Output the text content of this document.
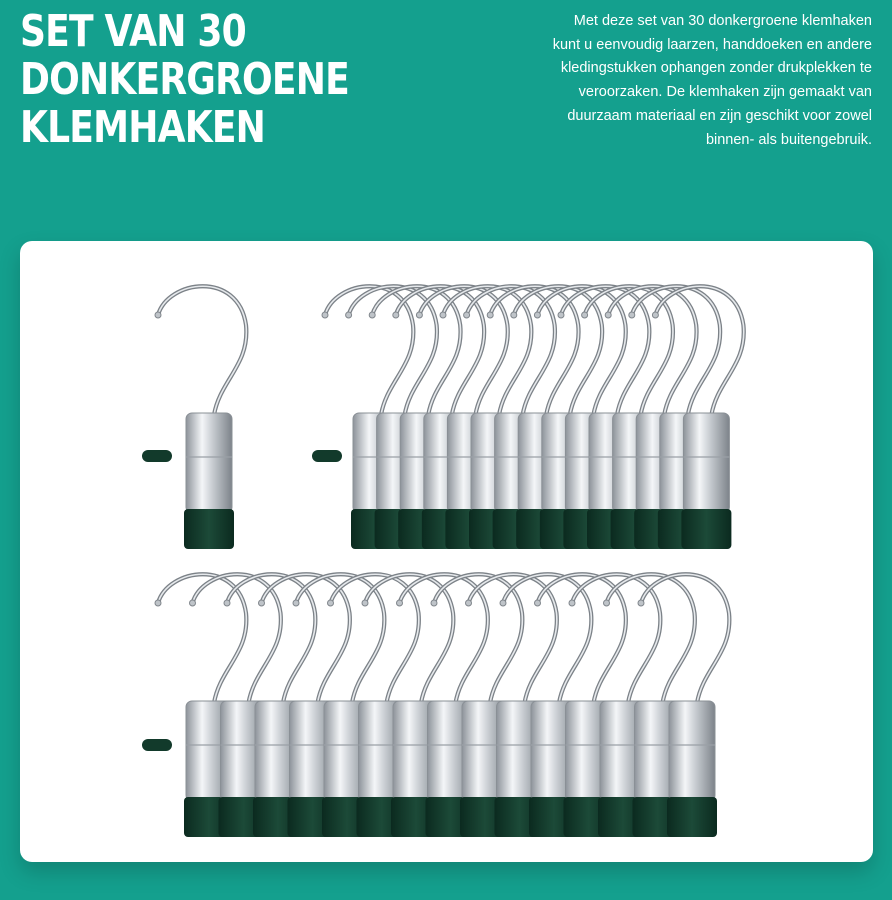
SET VAN 30
DONKERGROENE
KLEMHAKEN

Met deze set van 30 donkergroene klemhaken kunt u eenvoudig laarzen, handdoeken en andere kledingstukken ophangen zonder drukplekken te veroorzaken. De klemhaken zijn gemaakt van duurzaam materiaal en zijn geschikt voor zowel binnen- als buitengebruik.
